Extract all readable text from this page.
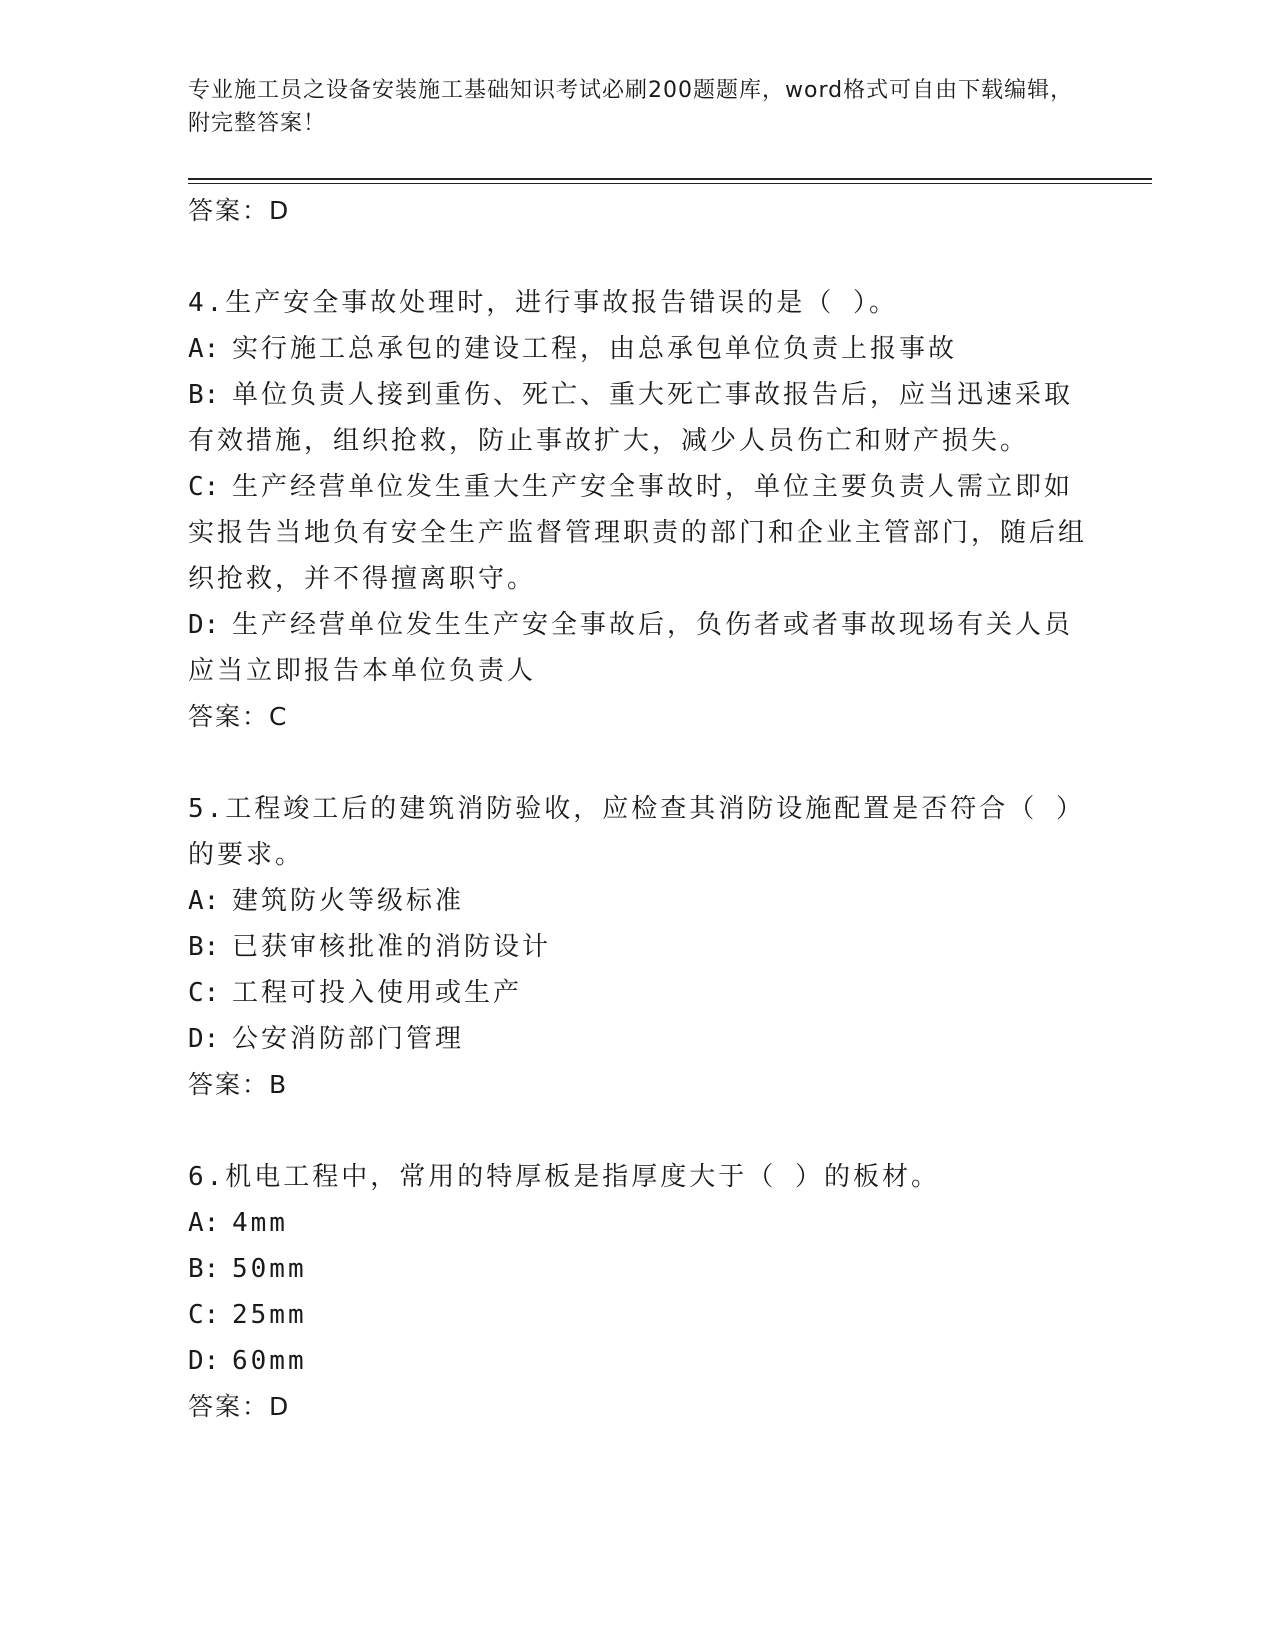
专业施工员之设备安装施工基础知识考试必刷200题题库，word格式可自由下载编辑，附完整答案！

答案：D

4.生产安全事故处理时，进行事故报告错误的是（ ）。

A: 实行施工总承包的建设工程，由总承包单位负责上报事故

B: 单位负责人接到重伤、死亡、重大死亡事故报告后，应当迅速采取有效措施，组织抢救，防止事故扩大，减少人员伤亡和财产损失。

C: 生产经营单位发生重大生产安全事故时，单位主要负责人需立即如实报告当地负有安全生产监督管理职责的部门和企业主管部门，随后组织抢救，并不得擅离职守。

D: 生产经营单位发生生产安全事故后，负伤者或者事故现场有关人员应当立即报告本单位负责人

答案：C

5.工程竣工后的建筑消防验收，应检查其消防设施配置是否符合（ ）的要求。

A: 建筑防火等级标准

B: 已获审核批准的消防设计

C: 工程可投入使用或生产

D: 公安消防部门管理

答案：B

6.机电工程中，常用的特厚板是指厚度大于（ ）的板材。

A: 4mm

B: 50mm

C: 25mm

D: 60mm

答案：D
